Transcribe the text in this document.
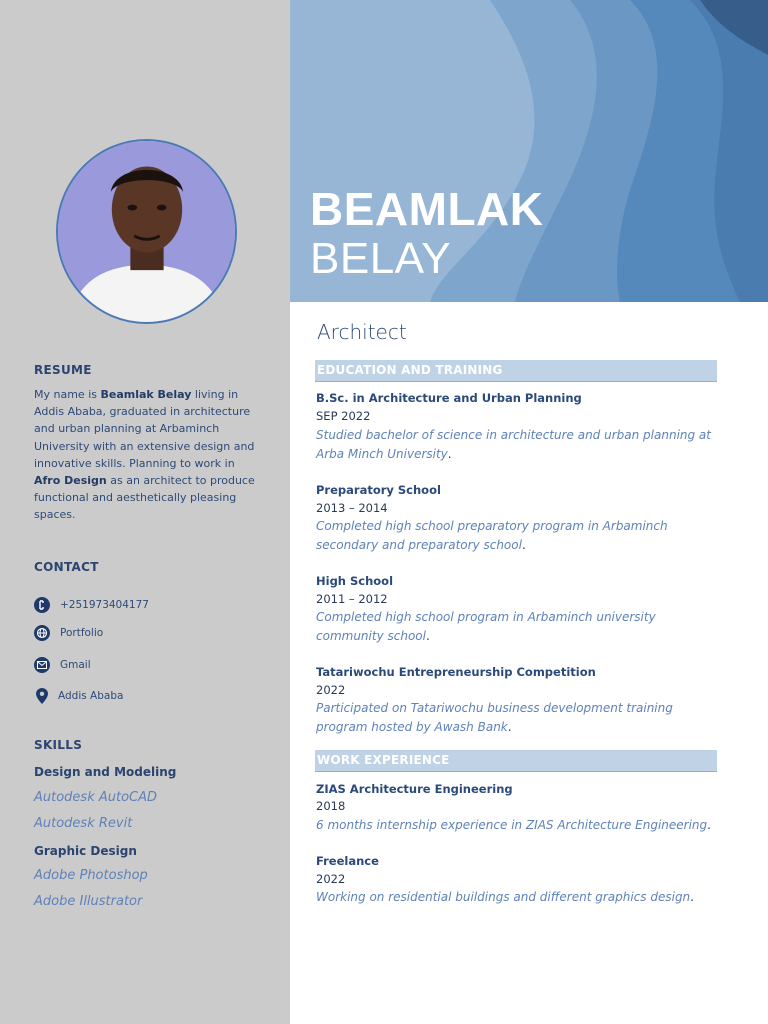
RESUME

My name is Beamlak Belay living in Addis Ababa, graduated in architecture and urban planning at Arbaminch University with an extensive design and innovative skills. Planning to work in Afro Design as an architect to produce functional and aesthetically pleasing spaces.

CONTACT
+251973404177
Portfolio
Gmail
Addis Ababa
SKILLS
Design and Modeling
Autodesk AutoCAD
Autodesk Revit
Graphic Design
Adobe Photoshop
Adobe Illustrator
BEAMLAK
BELAY
Architect
EDUCATION AND TRAINING
B.Sc. in Architecture and Urban Planning
SEP 2022
Studied bachelor of science in architecture and urban planning at Arba Minch University.
Preparatory School
2013 – 2014
Completed high school preparatory program in Arbaminch secondary and preparatory school.
High School
2011 – 2012
Completed high school program in Arbaminch university community school.
Tatariwochu Entrepreneurship Competition
2022
Participated on Tatariwochu business development training program hosted by Awash Bank.
WORK EXPERIENCE
ZIAS Architecture Engineering
2018
6 months internship experience in ZIAS Architecture Engineering.
Freelance
2022
Working on residential buildings and different graphics design.
